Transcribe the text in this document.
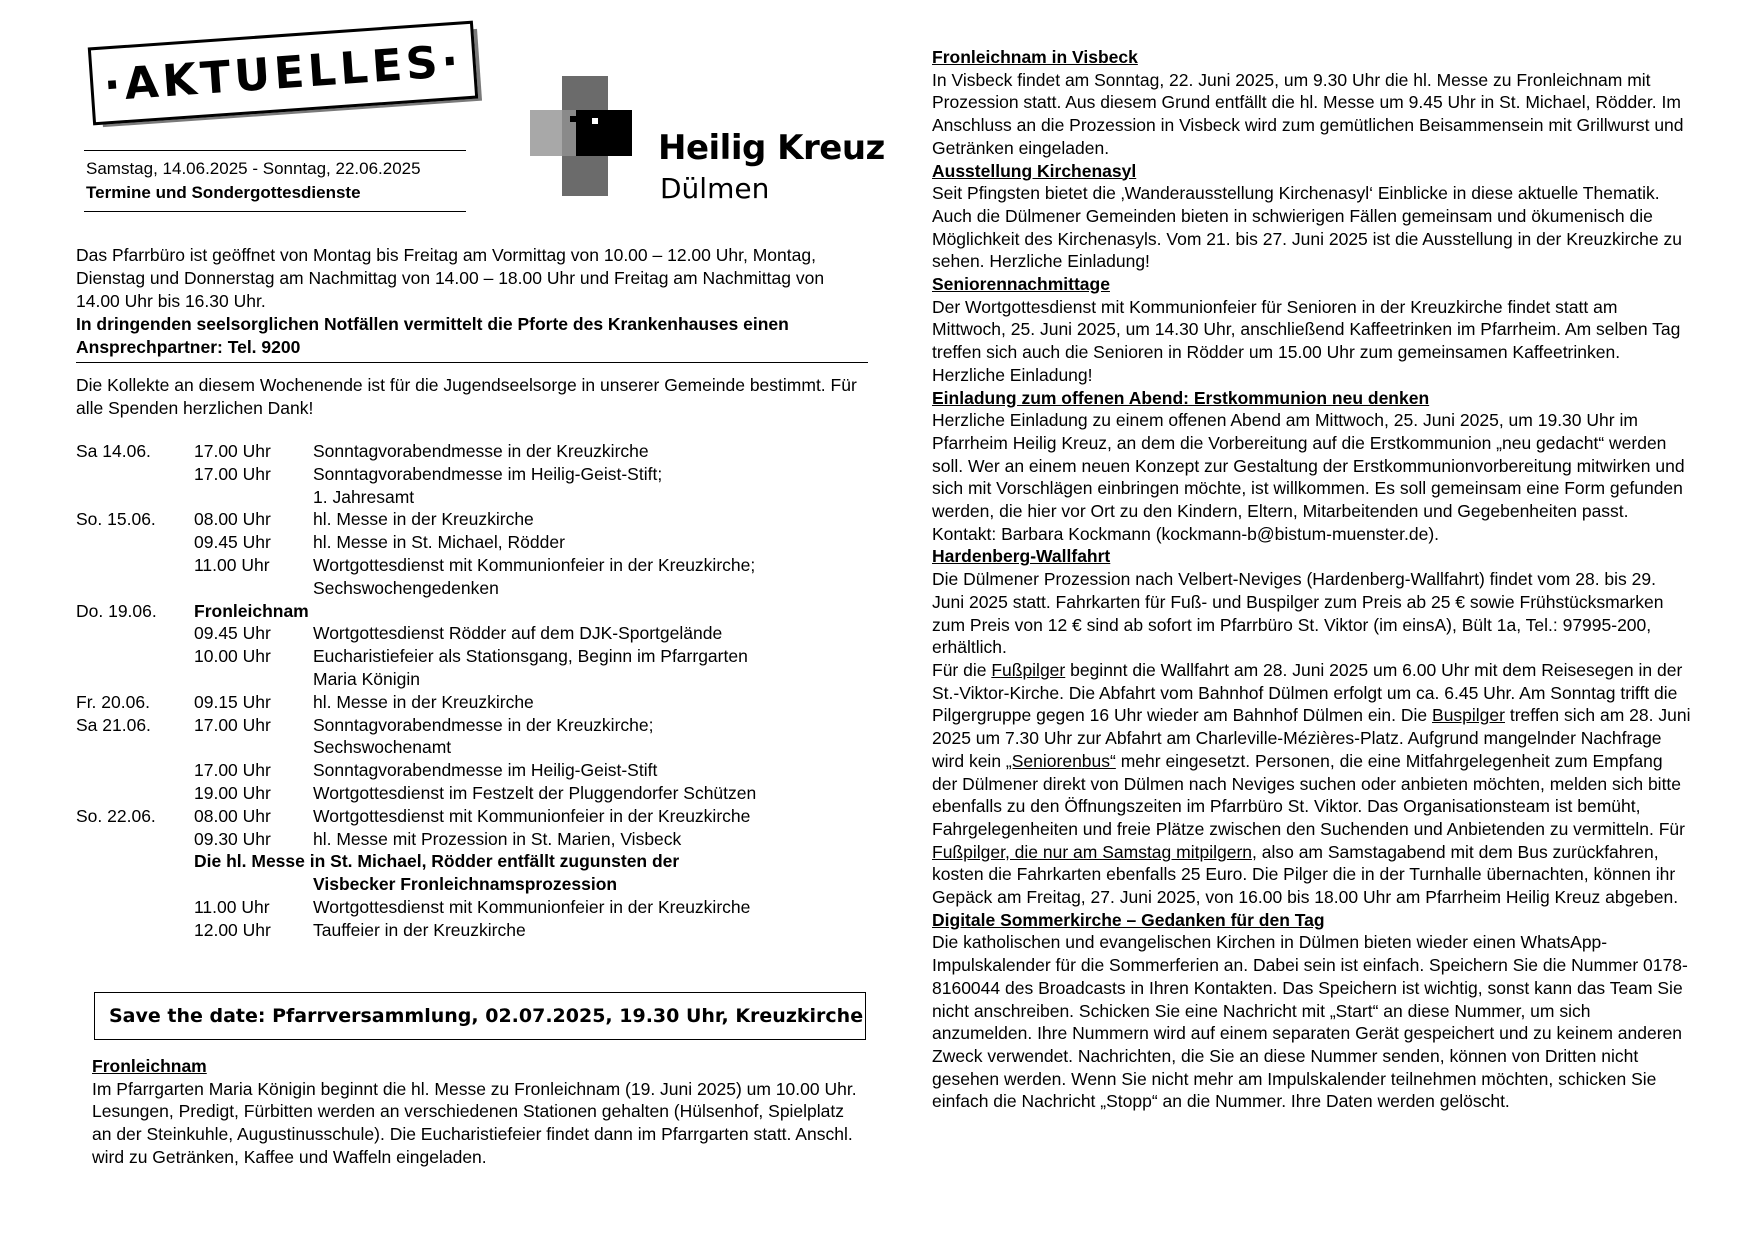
·AKTUELLES·
Heilig Kreuz
Dülmen
Samstag, 14.06.2025 - Sonntag, 22.06.2025
Termine und Sondergottesdienste
Das Pfarrbüro ist geöffnet von Montag bis Freitag am Vormittag von 10.00 – 12.00 Uhr, Montag, Dienstag und Donnerstag am Nachmittag von 14.00 – 18.00 Uhr und Freitag am Nachmittag von 14.00 Uhr bis 16.30 Uhr.
In dringenden seelsorglichen Notfällen vermittelt die Pforte des Krankenhauses einen Ansprechpartner: Tel. 9200
Die Kollekte an diesem Wochenende ist für die Jugendseelsorge in unserer Gemeinde bestimmt. Für alle Spenden herzlichen Dank!
Sa 14.06. 17.00 Uhr Sonntagvorabendmesse in der Kreuzkirche
17.00 Uhr Sonntagvorabendmesse im Heilig-Geist-Stift;
1. Jahresamt
So. 15.06. 08.00 Uhr hl. Messe in der Kreuzkirche
09.45 Uhr hl. Messe in St. Michael, Rödder
11.00 Uhr Wortgottesdienst mit Kommunionfeier in der Kreuzkirche;
Sechswochengedenken
Do. 19.06. Fronleichnam
09.45 Uhr Wortgottesdienst Rödder auf dem DJK-Sportgelände
10.00 Uhr Eucharistiefeier als Stationsgang, Beginn im Pfarrgarten
Maria Königin
Fr. 20.06.	09.15 Uhr hl. Messe in der Kreuzkirche
Sa 21.06. 17.00 Uhr Sonntagvorabendmesse in der Kreuzkirche;
Sechswochenamt
17.00 Uhr Sonntagvorabendmesse im Heilig-Geist-Stift
19.00 Uhr Wortgottesdienst im Festzelt der Pluggendorfer Schützen
So. 22.06. 08.00 Uhr Wortgottesdienst mit Kommunionfeier in der Kreuzkirche
09.30 Uhr hl. Messe mit Prozession in St. Marien, Visbeck
Die hl. Messe in St. Michael, Rödder entfällt zugunsten der
Visbecker Fronleichnamsprozession
11.00 Uhr Wortgottesdienst mit Kommunionfeier in der Kreuzkirche
12.00 Uhr Tauffeier in der Kreuzkirche
Save the date: Pfarrversammlung, 02.07.2025, 19.30 Uhr, Kreuzkirche
Fronleichnam
Im Pfarrgarten Maria Königin beginnt die hl. Messe zu Fronleichnam (19. Juni 2025) um 10.00 Uhr. Lesungen, Predigt, Fürbitten werden an verschiedenen Stationen gehalten (Hülsenhof, Spielplatz an der Steinkuhle, Augustinusschule). Die Eucharistiefeier findet dann im Pfarrgarten statt. Anschl. wird zu Getränken, Kaffee und Waffeln eingeladen.

Fronleichnam in Visbeck

In Visbeck findet am Sonntag, 22. Juni 2025, um 9.30 Uhr die hl. Messe zu Fronleichnam mit Prozession statt. Aus diesem Grund entfällt die hl. Messe um 9.45 Uhr in St. Michael, Rödder. Im Anschluss an die Prozession in Visbeck wird zum gemütlichen Beisammensein mit Grillwurst und Getränken eingeladen.

Ausstellung Kirchenasyl

Seit Pfingsten bietet die ‚Wanderausstellung Kirchenasyl‘ Einblicke in diese aktuelle Thematik. Auch die Dülmener Gemeinden bieten in schwierigen Fällen gemeinsam und ökumenisch die Möglichkeit des Kirchenasyls. Vom 21. bis 27. Juni 2025 ist die Ausstellung in der Kreuzkirche zu sehen. Herzliche Einladung!

Seniorennachmittage

Der Wortgottesdienst mit Kommunionfeier für Senioren in der Kreuzkirche findet statt am Mittwoch, 25. Juni 2025, um 14.30 Uhr, anschließend Kaffeetrinken im Pfarrheim. Am selben Tag treffen sich auch die Senioren in Rödder um 15.00 Uhr zum gemeinsamen Kaffeetrinken. Herzliche Einladung!

Einladung zum offenen Abend: Erstkommunion neu denken

Herzliche Einladung zu einem offenen Abend am Mittwoch, 25. Juni 2025, um 19.30 Uhr im Pfarrheim Heilig Kreuz, an dem die Vorbereitung auf die Erstkommunion „neu gedacht“ werden soll. Wer an einem neuen Konzept zur Gestaltung der Erstkommunionvorbereitung mitwirken und sich mit Vorschlägen einbringen möchte, ist willkommen. Es soll gemeinsam eine Form gefunden werden, die hier vor Ort zu den Kindern, Eltern, Mitarbeitenden und Gegebenheiten passt. Kontakt: Barbara Kockmann (kockmann-b@bistum-muenster.de).

Hardenberg-Wallfahrt

Die Dülmener Prozession nach Velbert-Neviges (Hardenberg-Wallfahrt) findet vom 28. bis 29. Juni 2025 statt. Fahrkarten für Fuß- und Buspilger zum Preis ab 25 € sowie Frühstücksmarken zum Preis von 12 € sind ab sofort im Pfarrbüro St. Viktor (im einsA), Bült 1a, Tel.: 97995-200, erhältlich.

Für die Fußpilger beginnt die Wallfahrt am 28. Juni 2025 um 6.00 Uhr mit dem Reisesegen in der St.-Viktor-Kirche. Die Abfahrt vom Bahnhof Dülmen erfolgt um ca. 6.45 Uhr. Am Sonntag trifft die Pilgergruppe gegen 16 Uhr wieder am Bahnhof Dülmen ein. Die Buspilger treffen sich am 28. Juni 2025 um 7.30 Uhr zur Abfahrt am Charleville-Mézières-Platz. Aufgrund mangelnder Nachfrage wird kein „Seniorenbus“ mehr eingesetzt. Personen, die eine Mitfahrgelegenheit zum Empfang der Dülmener direkt von Dülmen nach Neviges suchen oder anbieten möchten, melden sich bitte ebenfalls zu den Öffnungszeiten im Pfarrbüro St. Viktor. Das Organisationsteam ist bemüht, Fahrgelegenheiten und freie Plätze zwischen den Suchenden und Anbietenden zu vermitteln. Für Fußpilger, die nur am Samstag mitpilgern, also am Samstagabend mit dem Bus zurückfahren, kosten die Fahrkarten ebenfalls 25 Euro. Die Pilger die in der Turnhalle übernachten, können ihr Gepäck am Freitag, 27. Juni 2025, von 16.00 bis 18.00 Uhr am Pfarrheim Heilig Kreuz abgeben.

Digitale Sommerkirche – Gedanken für den Tag

Die katholischen und evangelischen Kirchen in Dülmen bieten wieder einen WhatsApp-Impulskalender für die Sommerferien an. Dabei sein ist einfach. Speichern Sie die Nummer 0178-8160044 des Broadcasts in Ihren Kontakten. Das Speichern ist wichtig, sonst kann das Team Sie nicht anschreiben. Schicken Sie eine Nachricht mit „Start“ an diese Nummer, um sich anzumelden. Ihre Nummern wird auf einem separaten Gerät gespeichert und zu keinem anderen Zweck verwendet. Nachrichten, die Sie an diese Nummer senden, können von Dritten nicht gesehen werden. Wenn Sie nicht mehr am Impulskalender teilnehmen möchten, schicken Sie einfach die Nachricht „Stopp“ an die Nummer. Ihre Daten werden gelöscht.
